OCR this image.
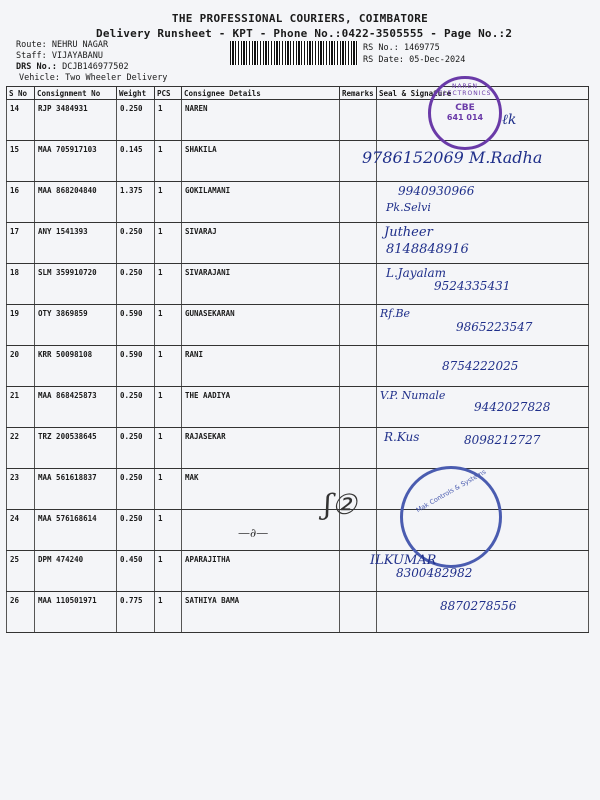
THE PROFESSIONAL COURIERS, COIMBATORE
Delivery Runsheet - KPT - Phone No.:0422-3505555 - Page No.:2
Route: NEHRU NAGAR
Staff: VIJAYABANU
DRS No.: DCJB146977502
Vehicle: Two Wheeler Delivery
RS No.: 1469775
RS Date: 05-Dec-2024
S No	Consignment No	Weight	PCS	Consignee Details	Remarks	Seal & Signature
14	RJP 3484931	0.250	1	NAREN		
15	MAA 705917103	0.145	1	SHAKILA		
16	MAA 868204840	1.375	1	GOKILAMANI		
17	ANY 1541393	0.250	1	SIVARAJ		
18	SLM 359910720	0.250	1	SIVARAJANI		
19	OTY 3869859	0.590	1	GUNASEKARAN		
20	KRR 50098108	0.590	1	RANI		
21	MAA 868425873	0.250	1	THE AADIYA		
22	TRZ 200538645	0.250	1	RAJASEKAR		
23	MAA 561618837	0.250	1	MAK		
24	MAA 576168614	0.250	1			
25	DPM 474240	0.450	1	APARAJITHA		
26	MAA 110501971	0.775	1	SATHIYA BAMA		
NAREN ELECTRONICS
CBE
641 014	ℓk
Mak Controls & Systems
ʃ②
—∂—
9786152069 M.Radha
9940930966
Pk.Selvi
Jutheer
8148848916
L.Jayalam
9524335431
Rf.Be
9865223547
8754222025
V.P. Numale
9442027828
R.Kus	8098212727
ILKUMAR
8300482982
8870278556
